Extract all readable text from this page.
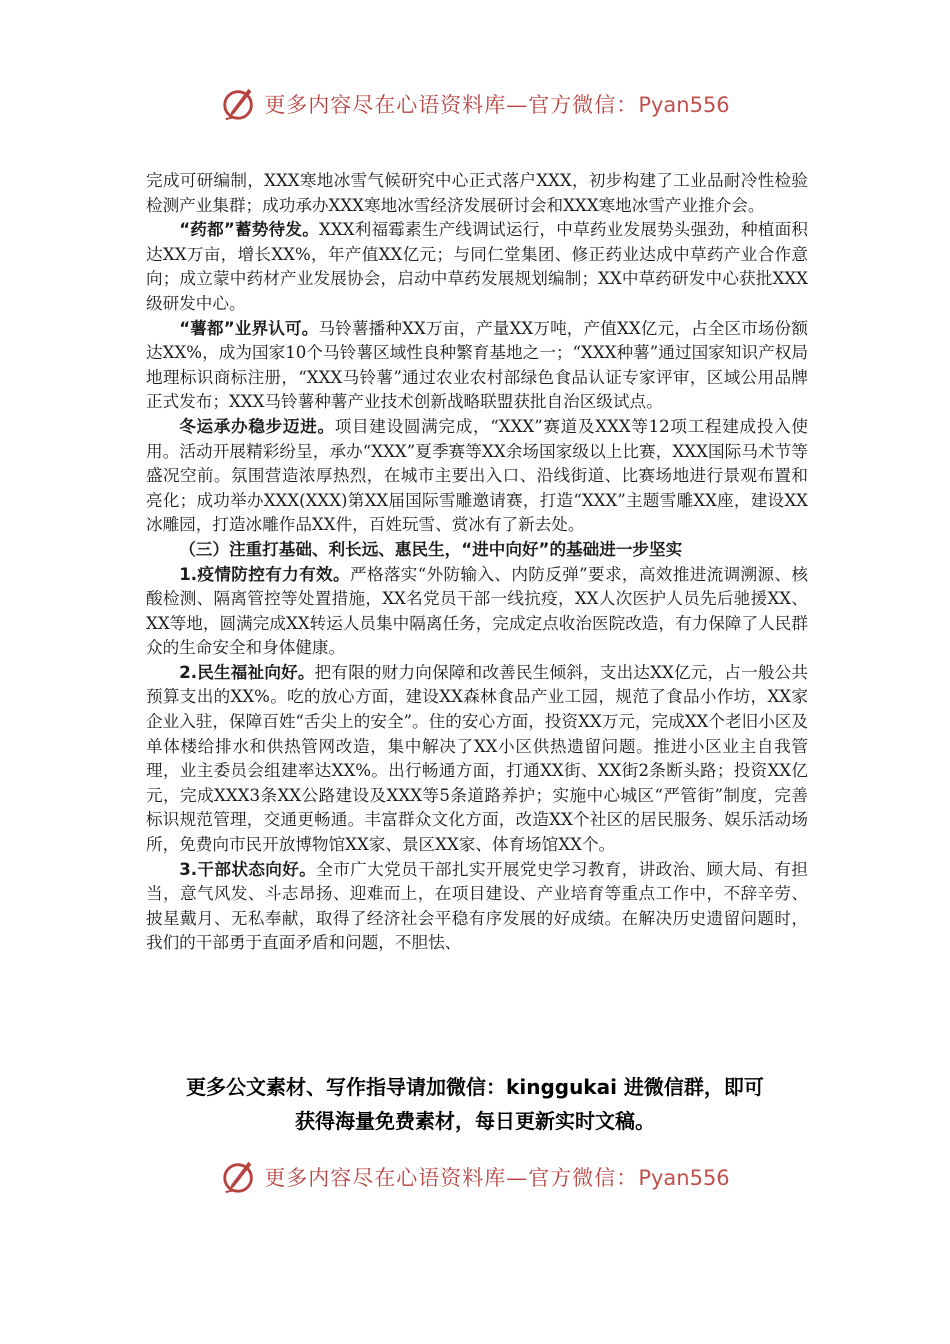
更多内容尽在心语资料库—官方微信：Pyan556

完成可研编制，XXX寒地冰雪气候研究中心正式落户XXX，初步构建了工业品耐冷性检验检测产业集群；成功承办XXX寒地冰雪经济发展研讨会和XXX寒地冰雪产业推介会。

“药都”蓄势待发。XXX利福霉素生产线调试运行，中草药业发展势头强劲，种植面积达XX万亩，增长XX%，年产值XX亿元；与同仁堂集团、修正药业达成中草药产业合作意向；成立蒙中药材产业发展协会，启动中草药发展规划编制；XX中草药研发中心获批XXX级研发中心。

“薯都”业界认可。马铃薯播种XX万亩，产量XX万吨，产值XX亿元，占全区市场份额达XX%，成为国家10个马铃薯区域性良种繁育基地之一；“XXX种薯”通过国家知识产权局地理标识商标注册，“XXX马铃薯”通过农业农村部绿色食品认证专家评审，区域公用品牌正式发布；XXX马铃薯种薯产业技术创新战略联盟获批自治区级试点。

冬运承办稳步迈进。项目建设圆满完成，“XXX”赛道及XXX等12项工程建成投入使用。活动开展精彩纷呈，承办“XXX”夏季赛等XX余场国家级以上比赛，XXX国际马术节等盛况空前。氛围营造浓厚热烈，在城市主要出入口、沿线街道、比赛场地进行景观布置和亮化；成功举办XXX(XXX)第XX届国际雪雕邀请赛，打造“XXX”主题雪雕XX座，建设XX冰雕园，打造冰雕作品XX件，百姓玩雪、赏冰有了新去处。

（三）注重打基础、利长远、惠民生，“进中向好”的基础进一步坚实

1.疫情防控有力有效。严格落实“外防输入、内防反弹”要求，高效推进流调溯源、核酸检测、隔离管控等处置措施，XX名党员干部一线抗疫，XX人次医护人员先后驰援XX、XX等地，圆满完成XX转运人员集中隔离任务，完成定点收治医院改造，有力保障了人民群众的生命安全和身体健康。

2.民生福祉向好。把有限的财力向保障和改善民生倾斜，支出达XX亿元，占一般公共预算支出的XX%。吃的放心方面，建设XX森林食品产业工园，规范了食品小作坊，XX家企业入驻，保障百姓“舌尖上的安全”。住的安心方面，投资XX万元，完成XX个老旧小区及单体楼给排水和供热管网改造，集中解决了XX小区供热遗留问题。推进小区业主自我管理，业主委员会组建率达XX%。出行畅通方面，打通XX街、XX街2条断头路；投资XX亿元，完成XXX3条XX公路建设及XXX等5条道路养护；实施中心城区“严管街”制度，完善标识规范管理，交通更畅通。丰富群众文化方面，改造XX个社区的居民服务、娱乐活动场所，免费向市民开放博物馆XX家、景区XX家、体育场馆XX个。

3.干部状态向好。全市广大党员干部扎实开展党史学习教育，讲政治、顾大局、有担当，意气风发、斗志昂扬、迎难而上，在项目建设、产业培育等重点工作中，不辞辛劳、披星戴月、无私奉献，取得了经济社会平稳有序发展的好成绩。在解决历史遗留问题时，我们的干部勇于直面矛盾和问题，不胆怯、

更多公文素材、写作指导请加微信：kinggukai 进微信群，即可
获得海量免费素材，每日更新实时文稿。
更多内容尽在心语资料库—官方微信：Pyan556
